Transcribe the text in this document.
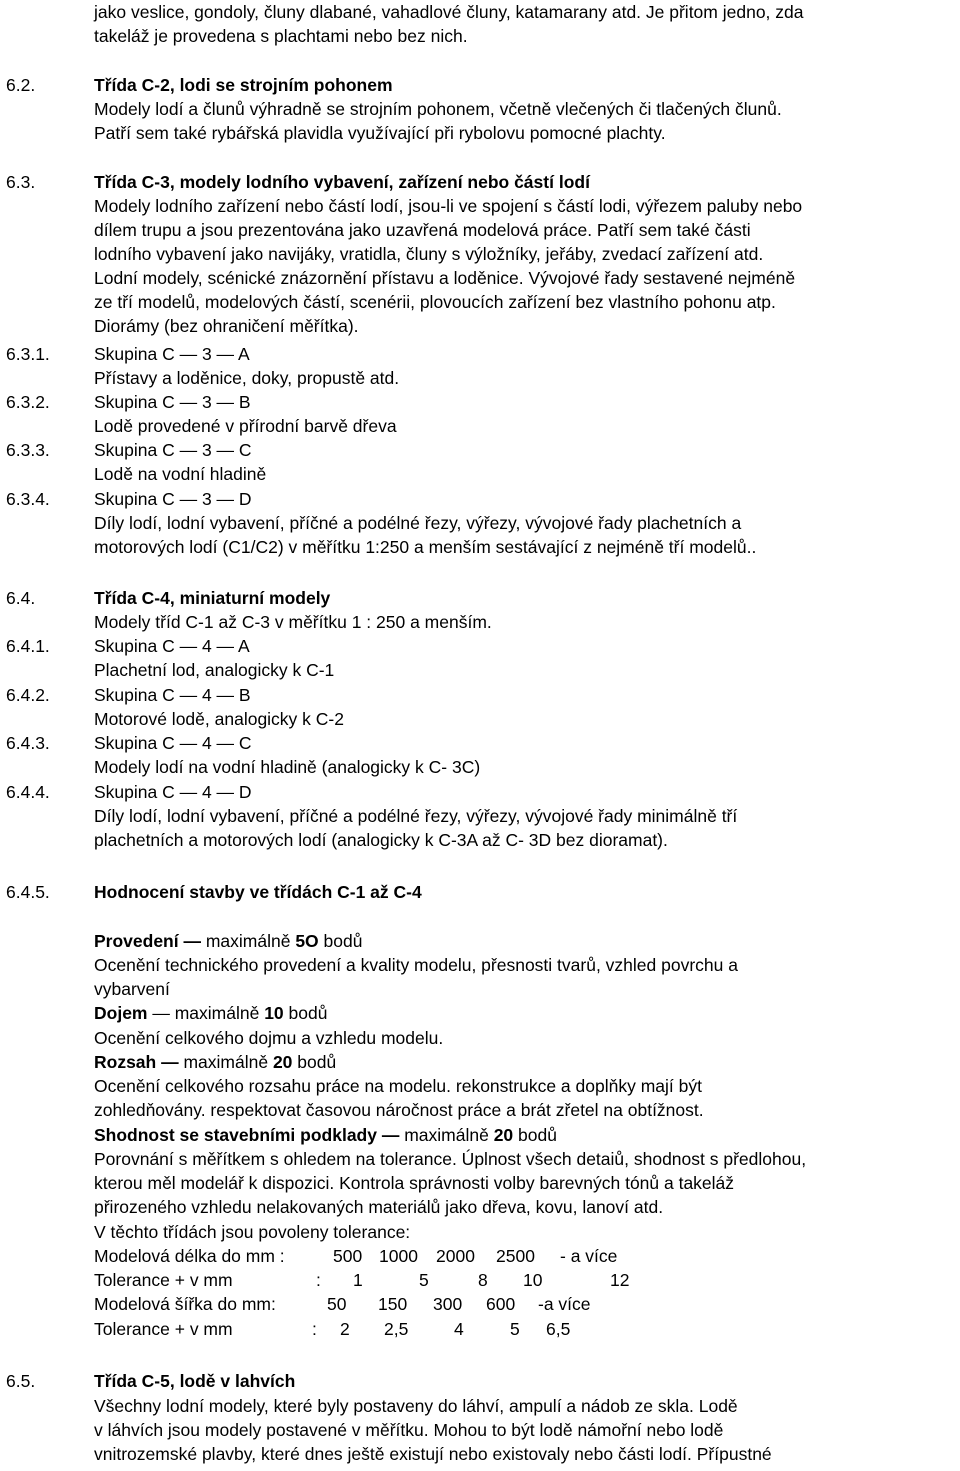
jako veslice, gondoly, čluny dlabané, vahadlové čluny, katamarany atd. Je přitom jedno, zda
takeláž je provedena s plachtami nebo bez nich.
6.2.	Třída C-2, lodi se strojním pohonem
Modely lodí a člunů výhradně se strojním pohonem, včetně vlečených či tlačených člunů.
Patří sem také rybářská plavidla využívající při rybolovu pomocné plachty.
6.3.	Třída C-3, modely lodního vybavení, zařízení nebo částí lodí
Modely lodního zařízení nebo částí lodí, jsou-li ve spojení s částí lodi, výřezem paluby nebo
dílem trupu a jsou prezentována jako uzavřená modelová práce. Patří sem také části
lodního vybavení jako navijáky, vratidla, čluny s výložníky, jeřáby, zvedací zařízení atd.
Lodní modely, scénické znázornění přístavu a loděnice. Vývojové řady sestavené nejméně
ze tří modelů, modelových částí, scenérii, plovoucích zařízení bez vlastního pohonu atp.
Diorámy (bez ohraničení měřítka).
6.3.1.	Skupina C — 3 — A
Přístavy a loděnice, doky, propustě atd.
6.3.2.	Skupina C — 3 — B
Lodě provedené v přírodní barvě dřeva
6.3.3.	Skupina C — 3 — C
Lodě na vodní hladině
6.3.4.	Skupina C — 3 — D
Díly lodí, lodní vybavení, příčné a podélné řezy, výřezy, vývojové řady plachetních a
motorových lodí (C1/C2) v měřítku 1:250 a menším sestávající z nejméně tří modelů..
6.4.	Třída C-4, miniaturní modely
Modely tříd C-1 až C-3 v měřítku 1 : 250 a menším.
6.4.1.	Skupina C — 4 — A
Plachetní lod, analogicky k C-1
6.4.2.	Skupina C — 4 — B
Motorové lodě, analogicky k C-2
6.4.3.	Skupina C — 4 — C
Modely lodí na vodní hladině (analogicky k C- 3C)
6.4.4.	Skupina C — 4 — D
Díly lodí, lodní vybavení, příčné a podélné řezy, výřezy, vývojové řady minimálně tří
plachetních a motorových lodí (analogicky k C-3A až C- 3D bez dioramat).
6.4.5.	Hodnocení stavby ve třídách C-1 až C-4
Provedení — maximálně 5O bodů
Ocenění technického provedení a kvality modelu, přesnosti tvarů, vzhled povrchu a
vybarvení
Dojem — maximálně 10 bodů
Ocenění celkového dojmu a vzhledu modelu.
Rozsah — maximálně 20 bodů
Ocenění celkového rozsahu práce na modelu. rekonstrukce a doplňky mají být
zohledňovány. respektovat časovou náročnost práce a brát zřetel na obtížnost.
Shodnost se stavebními podklady — maximálně 20 bodů
Porovnání s měřítkem s ohledem na tolerance. Úplnost všech detaiů, shodnost s předlohou,
kterou měl modelář k dispozici. Kontrola správnosti volby barevných tónů a takeláž
přirozeného vzhledu nelakovaných materiálů jako dřeva, kovu, lanoví atd.
V těchto třídách jsou povoleny tolerance:
Modelová délka do mm :	500 1000 2000 2500 - a více
Tolerance + v mm	: 1	5	8 10	12
Modelová šířka do mm:	50 150 300 600 -a více
Tolerance + v mm	: 2 2,5	4	5 6,5
6.5.	Třída C-5, lodě v lahvích
Všechny lodní modely, které byly postaveny do láhví, ampulí a nádob ze skla. Lodě
v láhvích jsou modely postavené v měřítku. Mohou to být lodě námořní nebo lodě
vnitrozemské plavby, které dnes ještě existují nebo existovaly nebo části lodí. Přípustné
